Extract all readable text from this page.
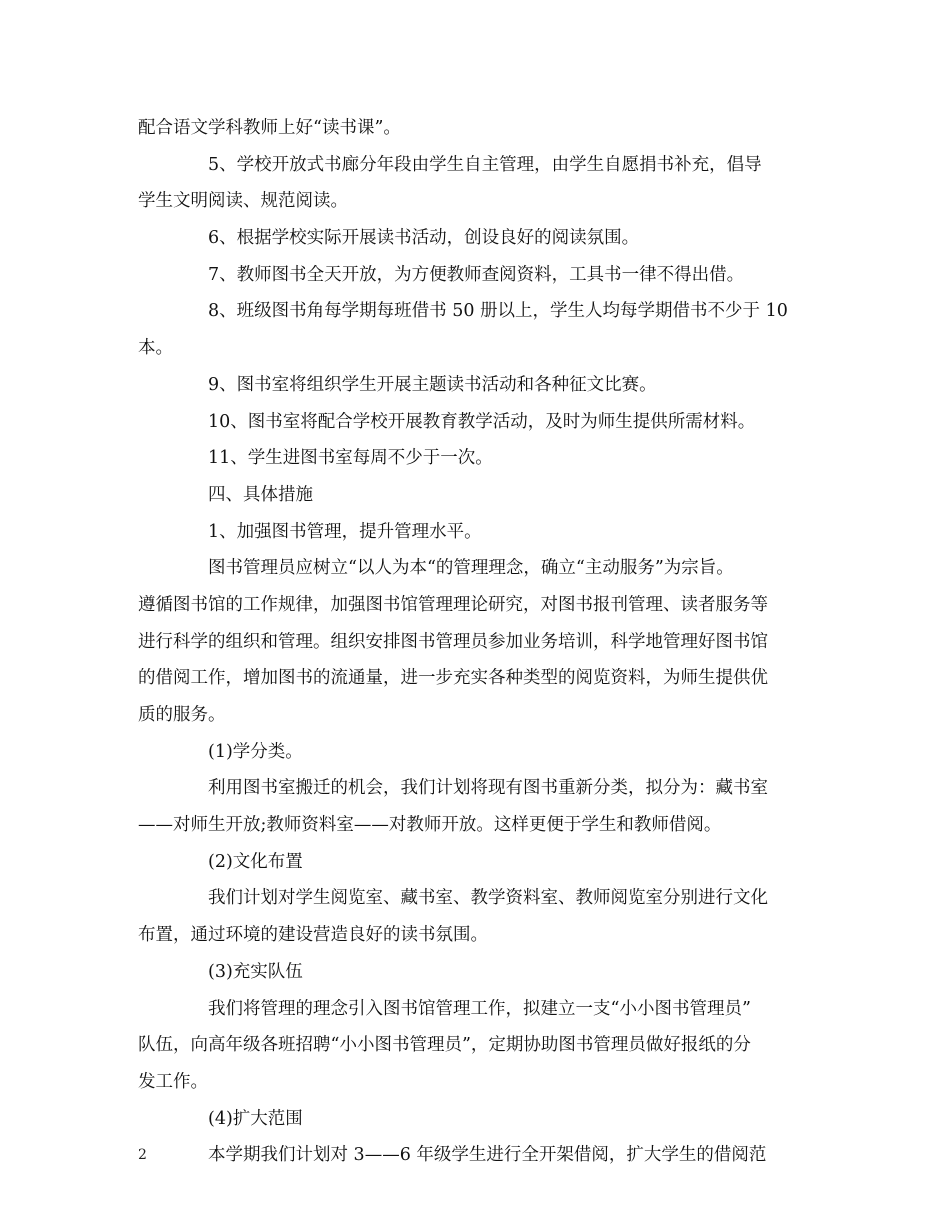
配合语文学科教师上好“读书课”。
5、学校开放式书廊分年段由学生自主管理，由学生自愿捐书补充，倡导
学生文明阅读、规范阅读。
6、根据学校实际开展读书活动，创设良好的阅读氛围。
7、教师图书全天开放，为方便教师查阅资料，工具书一律不得出借。
8、班级图书角每学期每班借书 50 册以上，学生人均每学期借书不少于 10
本。
9、图书室将组织学生开展主题读书活动和各种征文比赛。
10、图书室将配合学校开展教育教学活动，及时为师生提供所需材料。
11、学生进图书室每周不少于一次。
四、具体措施
1、加强图书管理，提升管理水平。
图书管理员应树立“以人为本“的管理理念，确立“主动服务”为宗旨。
遵循图书馆的工作规律，加强图书馆管理理论研究，对图书报刊管理、读者服务等
进行科学的组织和管理。组织安排图书管理员参加业务培训，科学地管理好图书馆
的借阅工作，增加图书的流通量，进一步充实各种类型的阅览资料，为师生提供优
质的服务。
(1)学分类。
利用图书室搬迁的机会，我们计划将现有图书重新分类，拟分为：藏书室
——对师生开放;教师资料室——对教师开放。这样更便于学生和教师借阅。
(2)文化布置
我们计划对学生阅览室、藏书室、教学资料室、教师阅览室分别进行文化
布置，通过环境的建设营造良好的读书氛围。
(3)充实队伍
我们将管理的理念引入图书馆管理工作，拟建立一支“小小图书管理员”
队伍，向高年级各班招聘“小小图书管理员”，定期协助图书管理员做好报纸的分
发工作。
(4)扩大范围
本学期我们计划对 3——6 年级学生进行全开架借阅，扩大学生的借阅范
2
